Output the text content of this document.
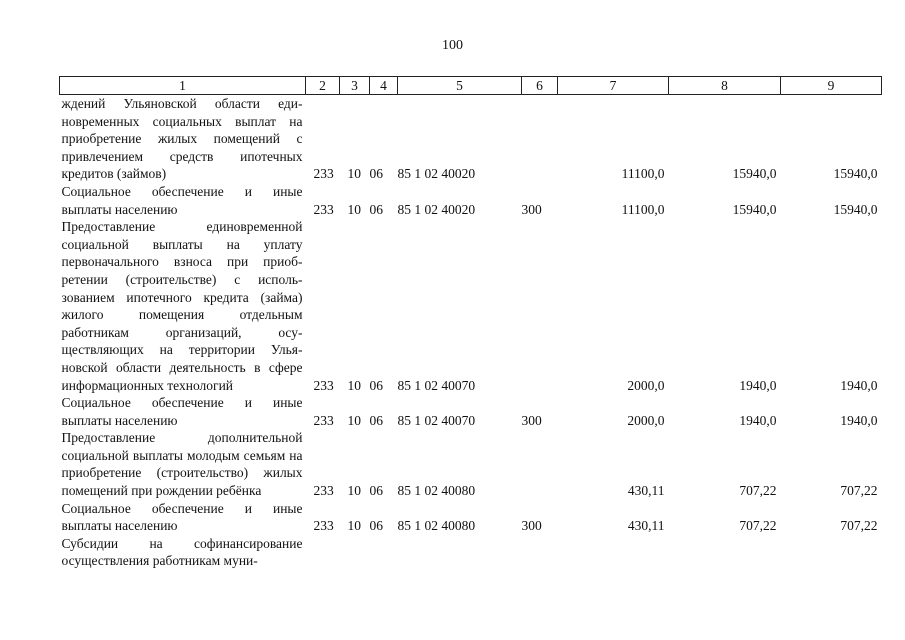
100
1	2	3	4	5	6	7	8	9
ждений Ульяновской области единовременных социальных выплат на приобретение жилых помещений с привлечением средств ипотечных кредитов (займов)	233	10	06	85 1 02 40020		11100,0	15940,0	15940,0
Социальное обеспечение и иные выплаты населению	233	10	06	85 1 02 40020	300	11100,0	15940,0	15940,0
Предоставление единовременной социальной выплаты на уплату первоначального взноса при приобретении (строительстве) с использованием ипотечного кредита (займа) жилого помещения отдельным работникам организаций, осуществляющих на территории Ульяновской области деятельность в сфере информационных технологий	233	10	06	85 1 02 40070		2000,0	1940,0	1940,0
Социальное обеспечение и иные выплаты населению	233	10	06	85 1 02 40070	300	2000,0	1940,0	1940,0
Предоставление дополнительной социальной выплаты молодым семьям на приобретение (строительство) жилых помещений при рождении ребёнка	233	10	06	85 1 02 40080		430,11	707,22	707,22
Социальное обеспечение и иные выплаты населению	233	10	06	85 1 02 40080	300	430,11	707,22	707,22
Субсидии на софинансирование осуществления работникам муни-								
